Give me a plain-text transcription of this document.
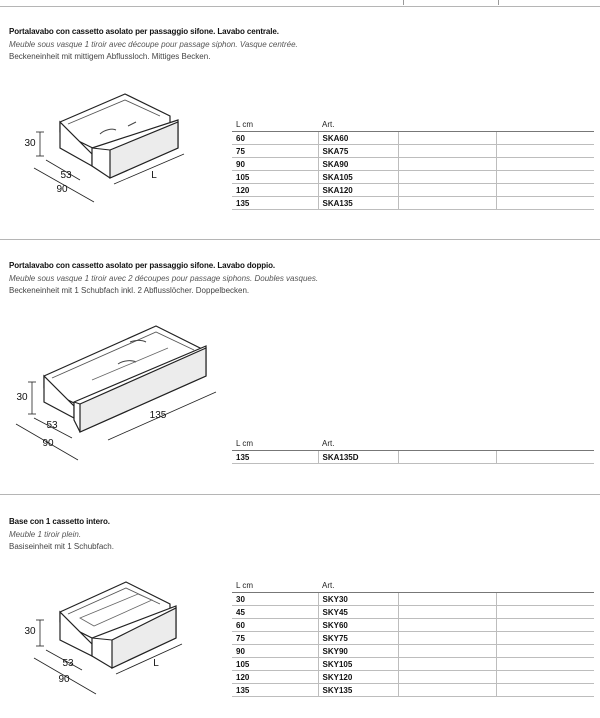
Portalavabo con cassetto asolato per passaggio sifone. Lavabo centrale.
Meuble sous vasque 1 tiroir avec découpe pour passage siphon. Vasque centrée.
Beckeneinheit mit mittigem Abflussloch. Mittiges Becken.
30
53
90
L
L cm	Art.		
60	SKA60		
75	SKA75		
90	SKA90		
105	SKA105		
120	SKA120		
135	SKA135		
Portalavabo con cassetto asolato per passaggio sifone. Lavabo doppio.
Meuble sous vasque 1 tiroir avec 2 découpes pour passage siphons. Doubles vasques.
Beckeneinheit mit 1 Schubfach inkl. 2 Abflusslöcher. Doppelbecken.
30
53
90
135
L cm	Art.		
135	SKA135D		
Base con 1 cassetto intero.
Meuble 1 tiroir plein.
Basiseinheit mit 1 Schubfach.
30
53
90
L
L cm	Art.		
30	SKY30		
45	SKY45		
60	SKY60		
75	SKY75		
90	SKY90		
105	SKY105		
120	SKY120		
135	SKY135		
